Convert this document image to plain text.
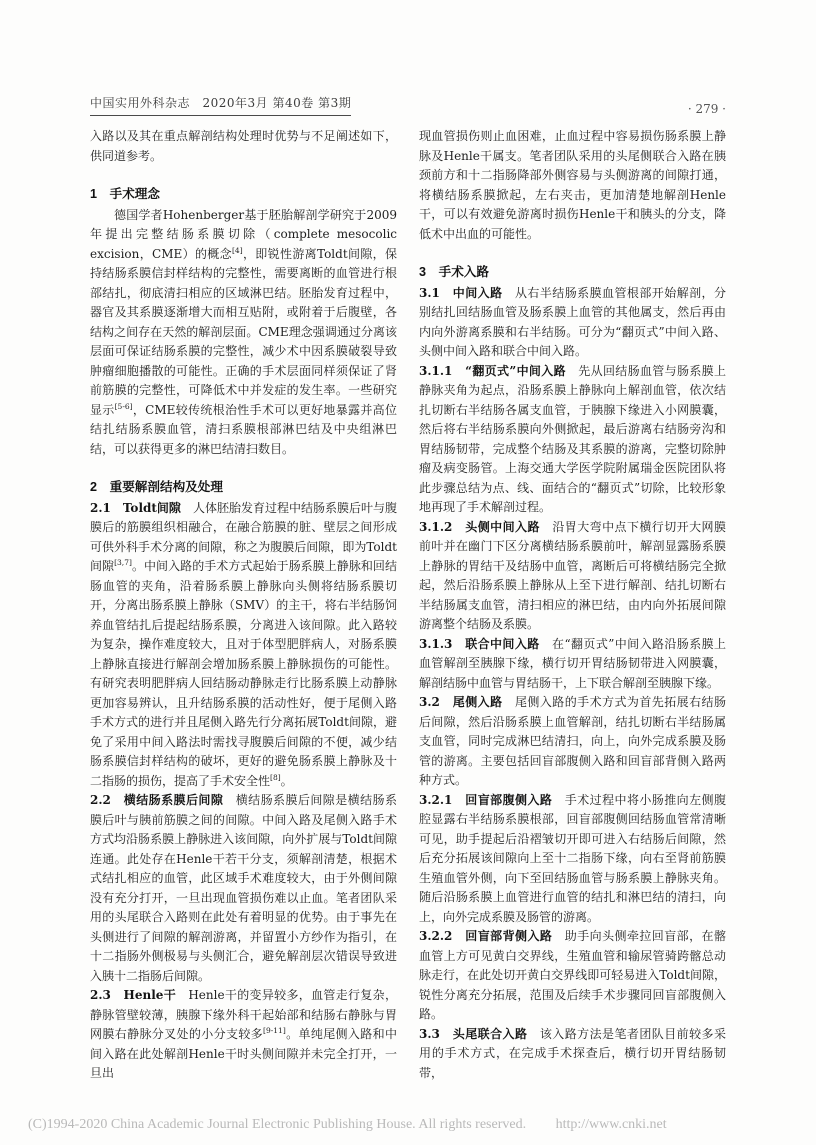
中国实用外科杂志　2020年3月 第40卷 第3期	· 279 ·
入路以及其在重点解剖结构处理时优势与不足阐述如下，供同道参考。
1　手术理念
德国学者Hohenberger基于胚胎解剖学研究于2009年提出完整结肠系膜切除（complete mesocolic excision，CME）的概念[4]，即锐性游离Toldt间隙，保持结肠系膜信封样结构的完整性，需要离断的血管进行根部结扎，彻底清扫相应的区域淋巴结。胚胎发育过程中，器官及其系膜逐渐增大而相互贴附，或附着于后腹壁，各结构之间存在天然的解剖层面。CME理念强调通过分离该层面可保证结肠系膜的完整性，减少术中因系膜破裂导致肿瘤细胞播散的可能性。正确的手术层面同样须保证了肾前筋膜的完整性，可降低术中并发症的发生率。一些研究显示[5-6]，CME较传统根治性手术可以更好地暴露并高位结扎结肠系膜血管，清扫系膜根部淋巴结及中央组淋巴结，可以获得更多的淋巴结清扫数目。
2　重要解剖结构及处理
2.1　Toldt间隙　人体胚胎发育过程中结肠系膜后叶与腹膜后的筋膜组织相融合，在融合筋膜的脏、壁层之间形成可供外科手术分离的间隙，称之为腹膜后间隙，即为Toldt间隙[3,7]。中间入路的手术方式起始于肠系膜上静脉和回结肠血管的夹角，沿着肠系膜上静脉向头侧将结肠系膜切开，分离出肠系膜上静脉（SMV）的主干，将右半结肠饲养血管结扎后提起结肠系膜，分离进入该间隙。此入路较为复杂，操作难度较大，且对于体型肥胖病人，对肠系膜上静脉直接进行解剖会增加肠系膜上静脉损伤的可能性。有研究表明肥胖病人回结肠动静脉走行比肠系膜上动静脉更加容易辨认，且升结肠系膜的活动性好，便于尾侧入路手术方式的进行并且尾侧入路先行分离拓展Toldt间隙，避免了采用中间入路法时需找寻腹膜后间隙的不便，减少结肠系膜信封样结构的破坏，更好的避免肠系膜上静脉及十二指肠的损伤，提高了手术安全性[8]。
2.2　横结肠系膜后间隙　横结肠系膜后间隙是横结肠系膜后叶与胰前筋膜之间的间隙。中间入路及尾侧入路手术方式均沿肠系膜上静脉进入该间隙，向外扩展与Toldt间隙连通。此处存在Henle干若干分支，须解剖清楚，根据术式结扎相应的血管，此区域手术难度较大，由于外侧间隙没有充分打开，一旦出现血管损伤难以止血。笔者团队采用的头尾联合入路则在此处有着明显的优势。由于事先在头侧进行了间隙的解剖游离，并留置小方纱作为指引，在十二指肠外侧极易与头侧汇合，避免解剖层次错误导致进入胰十二指肠后间隙。
2.3　Henle干　Henle干的变异较多，血管走行复杂，静脉管壁较薄，胰腺下缘外科干起始部和结肠右静脉与胃网膜右静脉分叉处的小分支较多[9-11]。单纯尾侧入路和中间入路在此处解剖Henle干时头侧间隙并未完全打开，一旦出
现血管损伤则止血困难，止血过程中容易损伤肠系膜上静脉及Henle干属支。笔者团队采用的头尾侧联合入路在胰颈前方和十二指肠降部外侧容易与头侧游离的间隙打通，将横结肠系膜掀起，左右夹击，更加清楚地解剖Henle干，可以有效避免游离时损伤Henle干和胰头的分支，降低术中出血的可能性。
3　手术入路
3.1　中间入路　从右半结肠系膜血管根部开始解剖，分别结扎回结肠血管及肠系膜上血管的其他属支，然后再由内向外游离系膜和右半结肠。可分为“翻页式”中间入路、头侧中间入路和联合中间入路。
3.1.1　“翻页式”中间入路　先从回结肠血管与肠系膜上静脉夹角为起点，沿肠系膜上静脉向上解剖血管，依次结扎切断右半结肠各属支血管，于胰腺下缘进入小网膜囊，然后将右半结肠系膜向外侧掀起，最后游离右结肠旁沟和胃结肠韧带，完成整个结肠及其系膜的游离，完整切除肿瘤及病变肠管。上海交通大学医学院附属瑞金医院团队将此步骤总结为点、线、面结合的“翻页式”切除，比较形象地再现了手术解剖过程。
3.1.2　头侧中间入路　沿胃大弯中点下横行切开大网膜前叶并在幽门下区分离横结肠系膜前叶，解剖显露肠系膜上静脉的胃结干及结肠中血管，离断后可将横结肠完全掀起，然后沿肠系膜上静脉从上至下进行解剖、结扎切断右半结肠属支血管，清扫相应的淋巴结，由内向外拓展间隙游离整个结肠及系膜。
3.1.3　联合中间入路　在“翻页式”中间入路沿肠系膜上血管解剖至胰腺下缘，横行切开胃结肠韧带进入网膜囊，解剖结肠中血管与胃结肠干，上下联合解剖至胰腺下缘。
3.2　尾侧入路　尾侧入路的手术方式为首先拓展右结肠后间隙，然后沿肠系膜上血管解剖，结扎切断右半结肠属支血管，同时完成淋巴结清扫，向上，向外完成系膜及肠管的游离。主要包括回盲部腹侧入路和回盲部背侧入路两种方式。
3.2.1　回盲部腹侧入路　手术过程中将小肠推向左侧腹腔显露右半结肠系膜根部，回盲部腹侧回结肠血管常清晰可见，助手提起后沿褶皱切开即可进入右结肠后间隙，然后充分拓展该间隙向上至十二指肠下缘，向右至肾前筋膜生殖血管外侧，向下至回结肠血管与肠系膜上静脉夹角。随后沿肠系膜上血管进行血管的结扎和淋巴结的清扫，向上，向外完成系膜及肠管的游离。
3.2.2　回盲部背侧入路　助手向头侧牵拉回盲部，在髂血管上方可见黄白交界线，生殖血管和输尿管骑跨髂总动脉走行，在此处切开黄白交界线即可轻易进入Toldt间隙，锐性分离充分拓展，范围及后续手术步骤同回盲部腹侧入路。
3.3　头尾联合入路　该入路方法是笔者团队目前较多采用的手术方式，在完成手术探查后，横行切开胃结肠韧带，
(C)1994-2020 China Academic Journal Electronic Publishing House. All rights reserved. http://www.cnki.net
